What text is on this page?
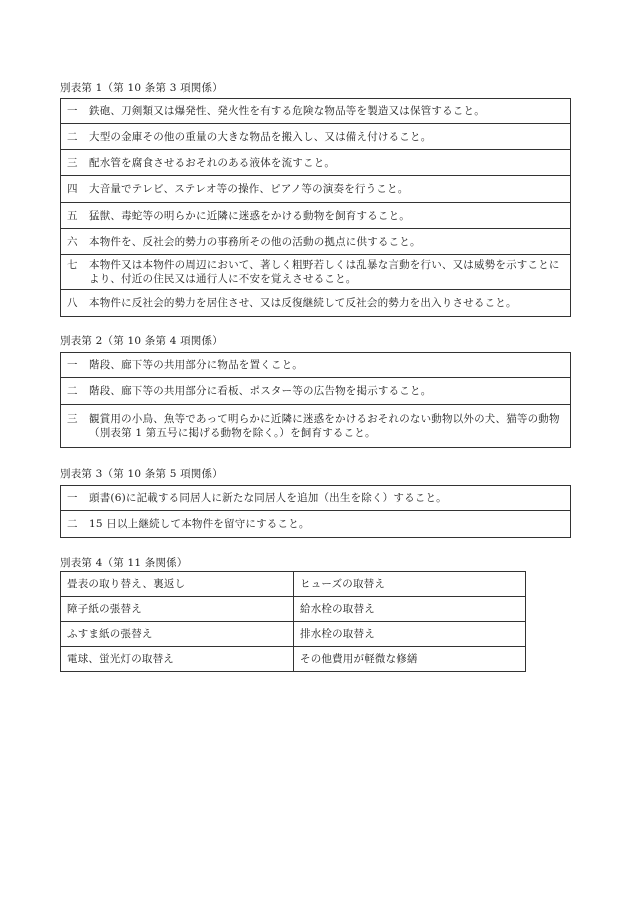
別表第 1（第 10 条第 3 項関係）
一	鉄砲、刀剣類又は爆発性、発火性を有する危険な物品等を製造又は保管すること。

二	大型の金庫その他の重量の大きな物品を搬入し、又は備え付けること。

三	配水管を腐食させるおそれのある液体を流すこと。

四	大音量でテレビ、ステレオ等の操作、ピアノ等の演奏を行うこと。

五	猛獣、毒蛇等の明らかに近隣に迷惑をかける動物を飼育すること。

六	本物件を、反社会的勢力の事務所その他の活動の拠点に供すること。

七	本物件又は本物件の周辺において、著しく粗野若しくは乱暴な言動を行い、又は威勢を示すことにより、付近の住民又は通行人に不安を覚えさせること。

八	本物件に反社会的勢力を居住させ、又は反復継続して反社会的勢力を出入りさせること。
別表第 2（第 10 条第 4 項関係）
一	階段、廊下等の共用部分に物品を置くこと。

二	階段、廊下等の共用部分に看板、ポスター等の広告物を掲示すること。

三	観賞用の小鳥、魚等であって明らかに近隣に迷惑をかけるおそれのない動物以外の犬、猫等の動物（別表第 1 第五号に掲げる動物を除く。）を飼育すること。
別表第 3（第 10 条第 5 項関係）
一	頭書(6)に記載する同居人に新たな同居人を追加（出生を除く）すること。

二	15 日以上継続して本物件を留守にすること。
別表第 4（第 11 条関係）
畳表の取り替え、裏返し	ヒューズの取替え
障子紙の張替え	給水栓の取替え
ふすま紙の張替え	排水栓の取替え
電球、蛍光灯の取替え	その他費用が軽微な修繕
